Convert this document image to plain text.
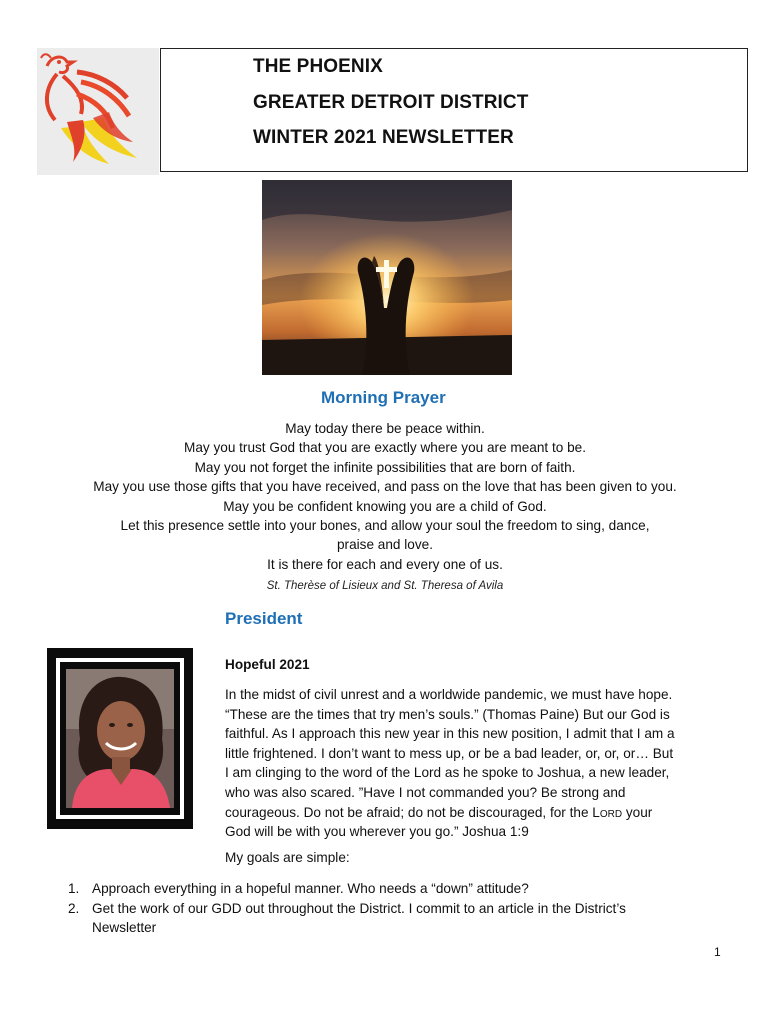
THE PHOENIX
GREATER DETROIT DISTRICT
WINTER 2021 NEWSLETTER
Morning Prayer
May today there be peace within.
May you trust God that you are exactly where you are meant to be.
May you not forget the infinite possibilities that are born of faith.
May you use those gifts that you have received, and pass on the love that has been given to you.
May you be confident knowing you are a child of God.
Let this presence settle into your bones, and allow your soul the freedom to sing, dance,
praise and love.
It is there for each and every one of us.
St. Therèse of Lisieux and St. Theresa of Avila
President
Hopeful 2021
In the midst of civil unrest and a worldwide pandemic, we must have hope.
“These are the times that try men’s souls.” (Thomas Paine) But our God is
faithful. As I approach this new year in this new position, I admit that I am a
little frightened. I don’t want to mess up, or be a bad leader, or, or, or… But
I am clinging to the word of the Lord as he spoke to Joshua, a new leader,
who was also scared. ”Have I not commanded you? Be strong and
courageous. Do not be afraid; do not be discouraged, for the Lord your
God will be with you wherever you go.” Joshua 1:9
My goals are simple:
1. Approach everything in a hopeful manner. Who needs a “down” attitude?
2. Get the work of our GDD out throughout the District. I commit to an article in the District’s
Newsletter
1
